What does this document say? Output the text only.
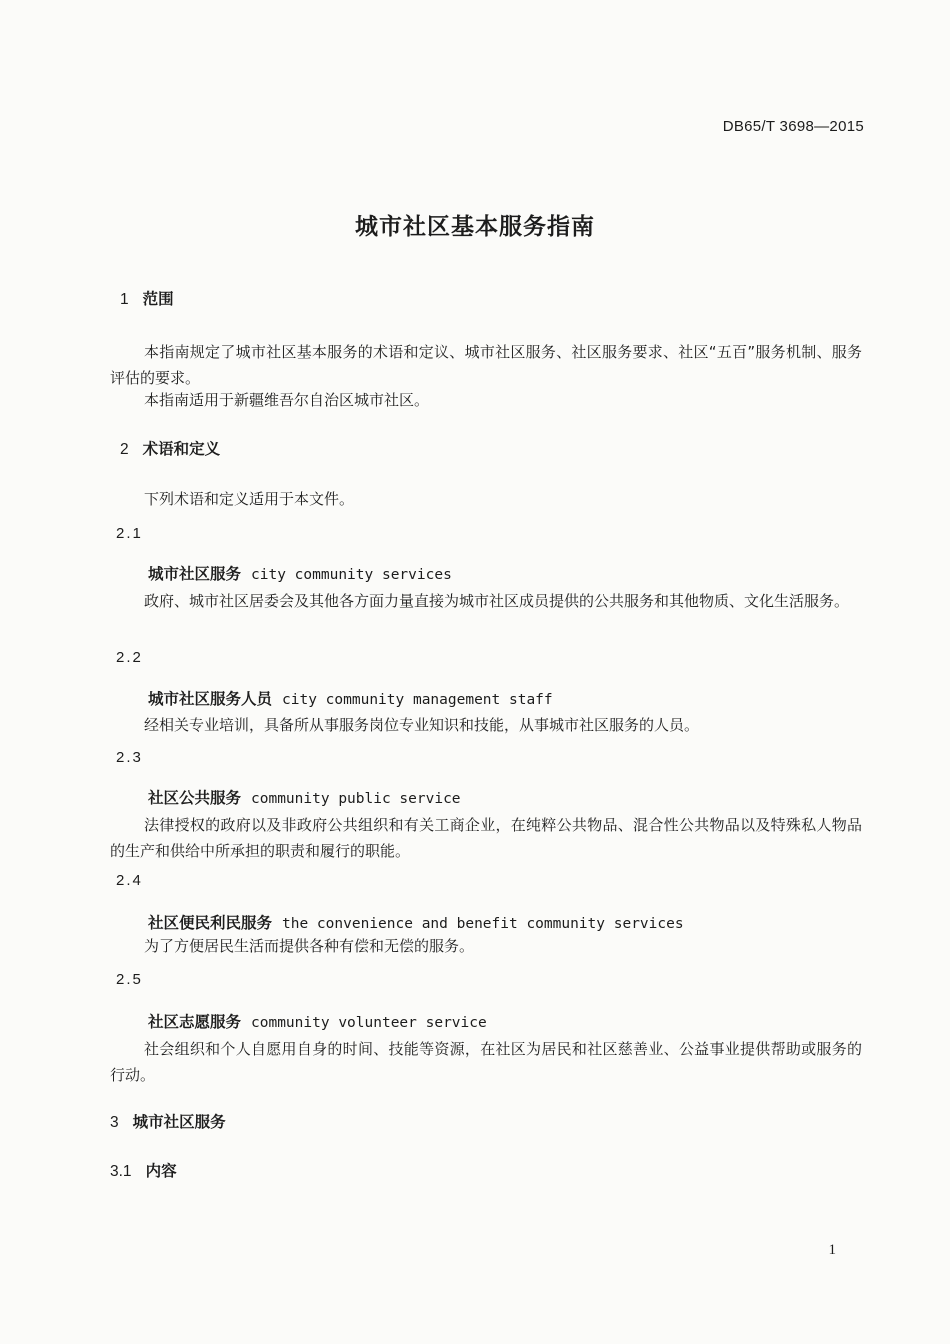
DB65/T 3698—2015
城市社区基本服务指南
1 范围
本指南规定了城市社区基本服务的术语和定议、城市社区服务、社区服务要求、社区“五百”服务机制、服务评估的要求。
本指南适用于新疆维吾尔自治区城市社区。
2 术语和定义
下列术语和定义适用于本文件。
2.1
城市社区服务 city community services
政府、城市社区居委会及其他各方面力量直接为城市社区成员提供的公共服务和其他物质、文化生活服务。
2.2
城市社区服务人员 city community management staff
经相关专业培训，具备所从事服务岗位专业知识和技能，从事城市社区服务的人员。
2.3
社区公共服务 community public service
法律授权的政府以及非政府公共组织和有关工商企业，在纯粹公共物品、混合性公共物品以及特殊私人物品的生产和供给中所承担的职责和履行的职能。
2.4
社区便民利民服务 the convenience and benefit community services
为了方便居民生活而提供各种有偿和无偿的服务。
2.5
社区志愿服务 community volunteer service
社会组织和个人自愿用自身的时间、技能等资源，在社区为居民和社区慈善业、公益事业提供帮助或服务的行动。
3 城市社区服务
3.1 内容
1
